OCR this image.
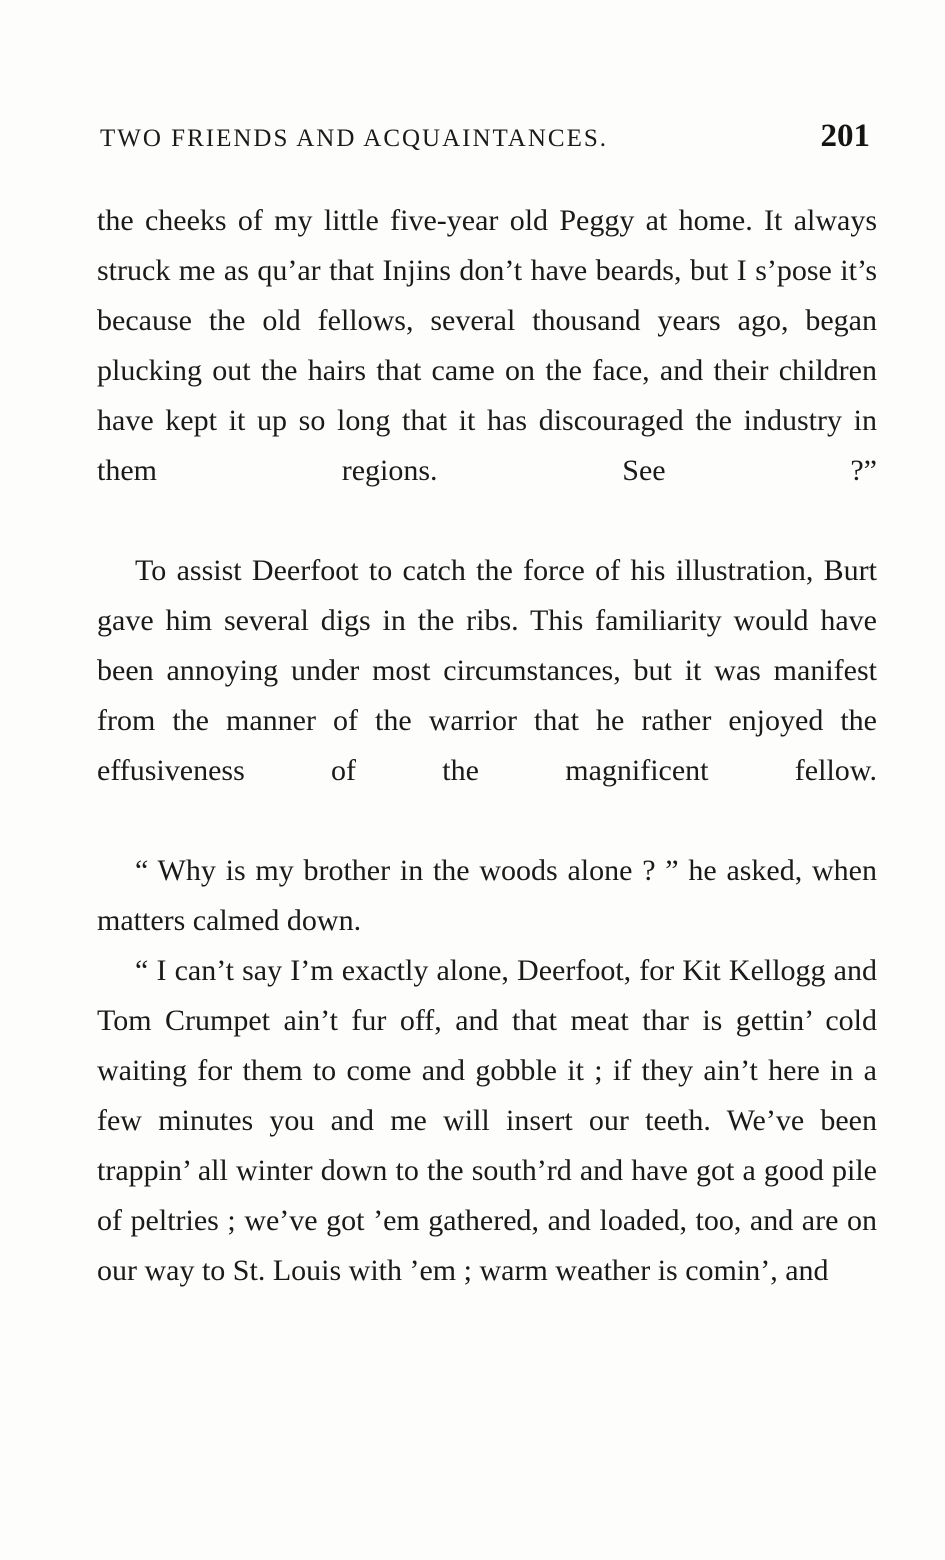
TWO FRIENDS AND ACQUAINTANCES.	201

the cheeks of my little five-year old Peggy at home. It always struck me as qu’ar that Injins don’t have beards, but I s’pose it’s because the old fellows, several thousand years ago, began plucking out the hairs that came on the face, and their children have kept it up so long that it has discouraged the industry in them regions. See ?”

To assist Deerfoot to catch the force of his illustration, Burt gave him several digs in the ribs. This familiarity would have been annoying under most circumstances, but it was manifest from the manner of the warrior that he rather enjoyed the effusiveness of the magnificent fellow.

“ Why is my brother in the woods alone ? ” he asked, when matters calmed down.

“ I can’t say I’m exactly alone, Deerfoot, for Kit Kellogg and Tom Crumpet ain’t fur off, and that meat thar is gettin’ cold waiting for them to come and gobble it ; if they ain’t here in a few minutes you and me will insert our teeth. We’ve been trappin’ all winter down to the south’rd and have got a good pile of peltries ; we’ve got ’em gathered, and loaded, too, and are on our way to St. Louis with ’em ; warm weather is comin’, and
